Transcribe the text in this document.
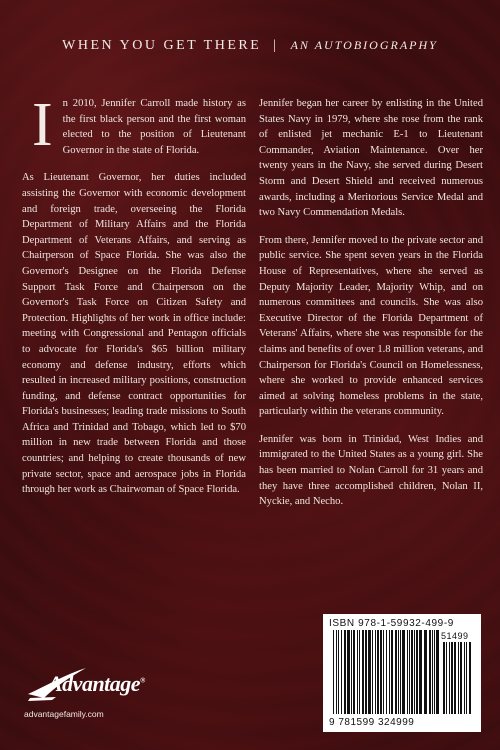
WHEN YOU GET THERE | AN AUTOBIOGRAPHY

I n 2010, Jennifer Carroll made history as the first black person and the first woman elected to the position of Lieutenant Governor in the state of Florida.

As Lieutenant Governor, her duties included assisting the Governor with economic development and foreign trade, overseeing the Florida Department of Military Affairs and the Florida Department of Veterans Affairs, and serving as Chairperson of Space Florida. She was also the Governor's Designee on the Florida Defense Support Task Force and Chairperson on the Governor's Task Force on Citizen Safety and Protection. Highlights of her work in office include: meeting with Congressional and Pentagon officials to advocate for Florida's $65 billion military economy and defense industry, efforts which resulted in increased military positions, construction funding, and defense contract opportunities for Florida's businesses; leading trade missions to South Africa and Trinidad and Tobago, which led to $70 million in new trade between Florida and those countries; and helping to create thousands of new private sector, space and aerospace jobs in Florida through her work as Chairwoman of Space Florida.

Jennifer began her career by enlisting in the United States Navy in 1979, where she rose from the rank of enlisted jet mechanic E-1 to Lieutenant Commander, Aviation Maintenance. Over her twenty years in the Navy, she served during Desert Storm and Desert Shield and received numerous awards, including a Meritorious Service Medal and two Navy Commendation Medals.

From there, Jennifer moved to the private sector and public service. She spent seven years in the Florida House of Representatives, where she served as Deputy Majority Leader, Majority Whip, and on numerous committees and councils. She was also Executive Director of the Florida Department of Veterans' Affairs, where she was responsible for the claims and benefits of over 1.8 million veterans, and Chairperson for Florida's Council on Homelessness, where she worked to provide enhanced services aimed at solving homeless problems in the state, particularly within the veterans community.

Jennifer was born in Trinidad, West Indies and immigrated to the United States as a young girl. She has been married to Nolan Carroll for 31 years and they have three accomplished children, Nolan II, Nyckie, and Necho.

ISBN 978-1-59932-499-9
51499
9 781599 324999
Advantage®
advantagefamily.com
